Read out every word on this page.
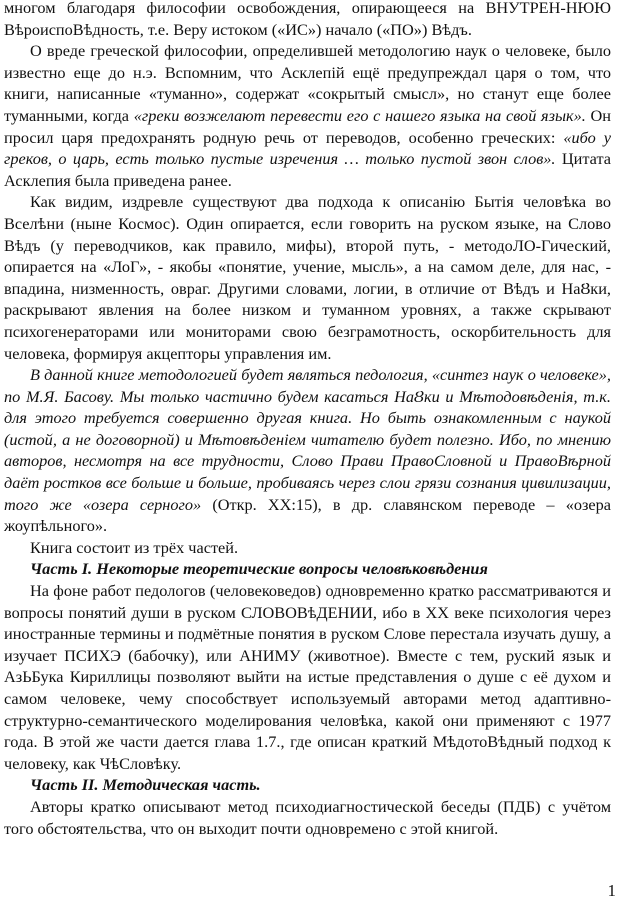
многом благодаря философии освобождения, опирающееся на ВНУТРЕН-НЮЮ ВѣроиспоВѣдность, т.е. Веру истоком («ИС») начало («ПО») Вѣдъ.

О вреде греческой философии, определившей методологию наук о человеке, было известно еще до н.э. Вспомним, что Асклепій ещё предупреждал царя о том, что книги, написанные «туманно», содержат «сокрытый смысл», но станут еще более туманными, когда «греки возжелают перевести его с нашего языка на свой язык». Он просил царя предохранять родную речь от переводов, особенно греческих: «ибо у греков, о царь, есть только пустые изречения … только пустой звон слов». Цитата Асклепия была приведена ранее.

Как видим, издревле существуют два подхода к описанію Бытія человѣка во Вселѣни (ныне Космос). Один опирается, если говорить на руском языке, на Слово Вѣдъ (у переводчиков, как правило, мифы), второй путь, - методоЛО-Гический, опирается на «ЛоГ», - якобы «понятие, учение, мысль», а на самом деле, для нас, - впадина, низменность, овраг. Другими словами, логии, в отличие от Вѣдъ и НаȢки, раскрывают явления на более низком и туманном уровнях, а также скрывают психогенераторами или мониторами свою безграмотность, оскорбительность для человека, формируя акцепторы управления им.

В данной книге методологией будет являться педология, «синтез наук о человеке», по М.Я. Басову. Мы только частично будем касаться НаȢки и Мѣтодовѣденія, т.к. для этого требуется совершенно другая книга. Но быть ознакомленным с наукой (истой, а не договорной) и Мѣтовѣденіем читателю будет полезно. Ибо, по мнению авторов, несмотря на все трудности, Слово Прави ПравоСловной и ПравоВѣрной даёт ростков все больше и больше, пробиваясь через слои грязи сознания цивилизации, того же «озера серного» (Откр. ХХ:15), в др. славянском переводе – «озера жоупѣльного».

Книга состоит из трёх частей.

Часть I. Некоторые теоретические вопросы человѣковѣдения

На фоне работ педологов (человековедов) одновременно кратко рассматриваются и вопросы понятий души в руском СЛОВОВѣДЕНИИ, ибо в ХХ веке психология через иностранные термины и подмётные понятия в руском Слове перестала изучать душу, а изучает ПСИХЭ (бабочку), или АНИМУ (животное). Вместе с тем, руский язык и АзЬБука Кириллицы позволяют выйти на истые представления о душе с её духом и самом человеке, чему способствует используемый авторами метод адаптивно-структурно-семантического моделирования человѣка, какой они применяют с 1977 года. В этой же части дается глава 1.7., где описан краткий МѣдотоВѣдный подход к человеку, как ЧѣСловѣку.

Часть II. Методическая часть.

Авторы кратко описывают метод психодиагностической беседы (ПДБ) с учётом того обстоятельства, что он выходит почти одновремено с этой книгой.

1
